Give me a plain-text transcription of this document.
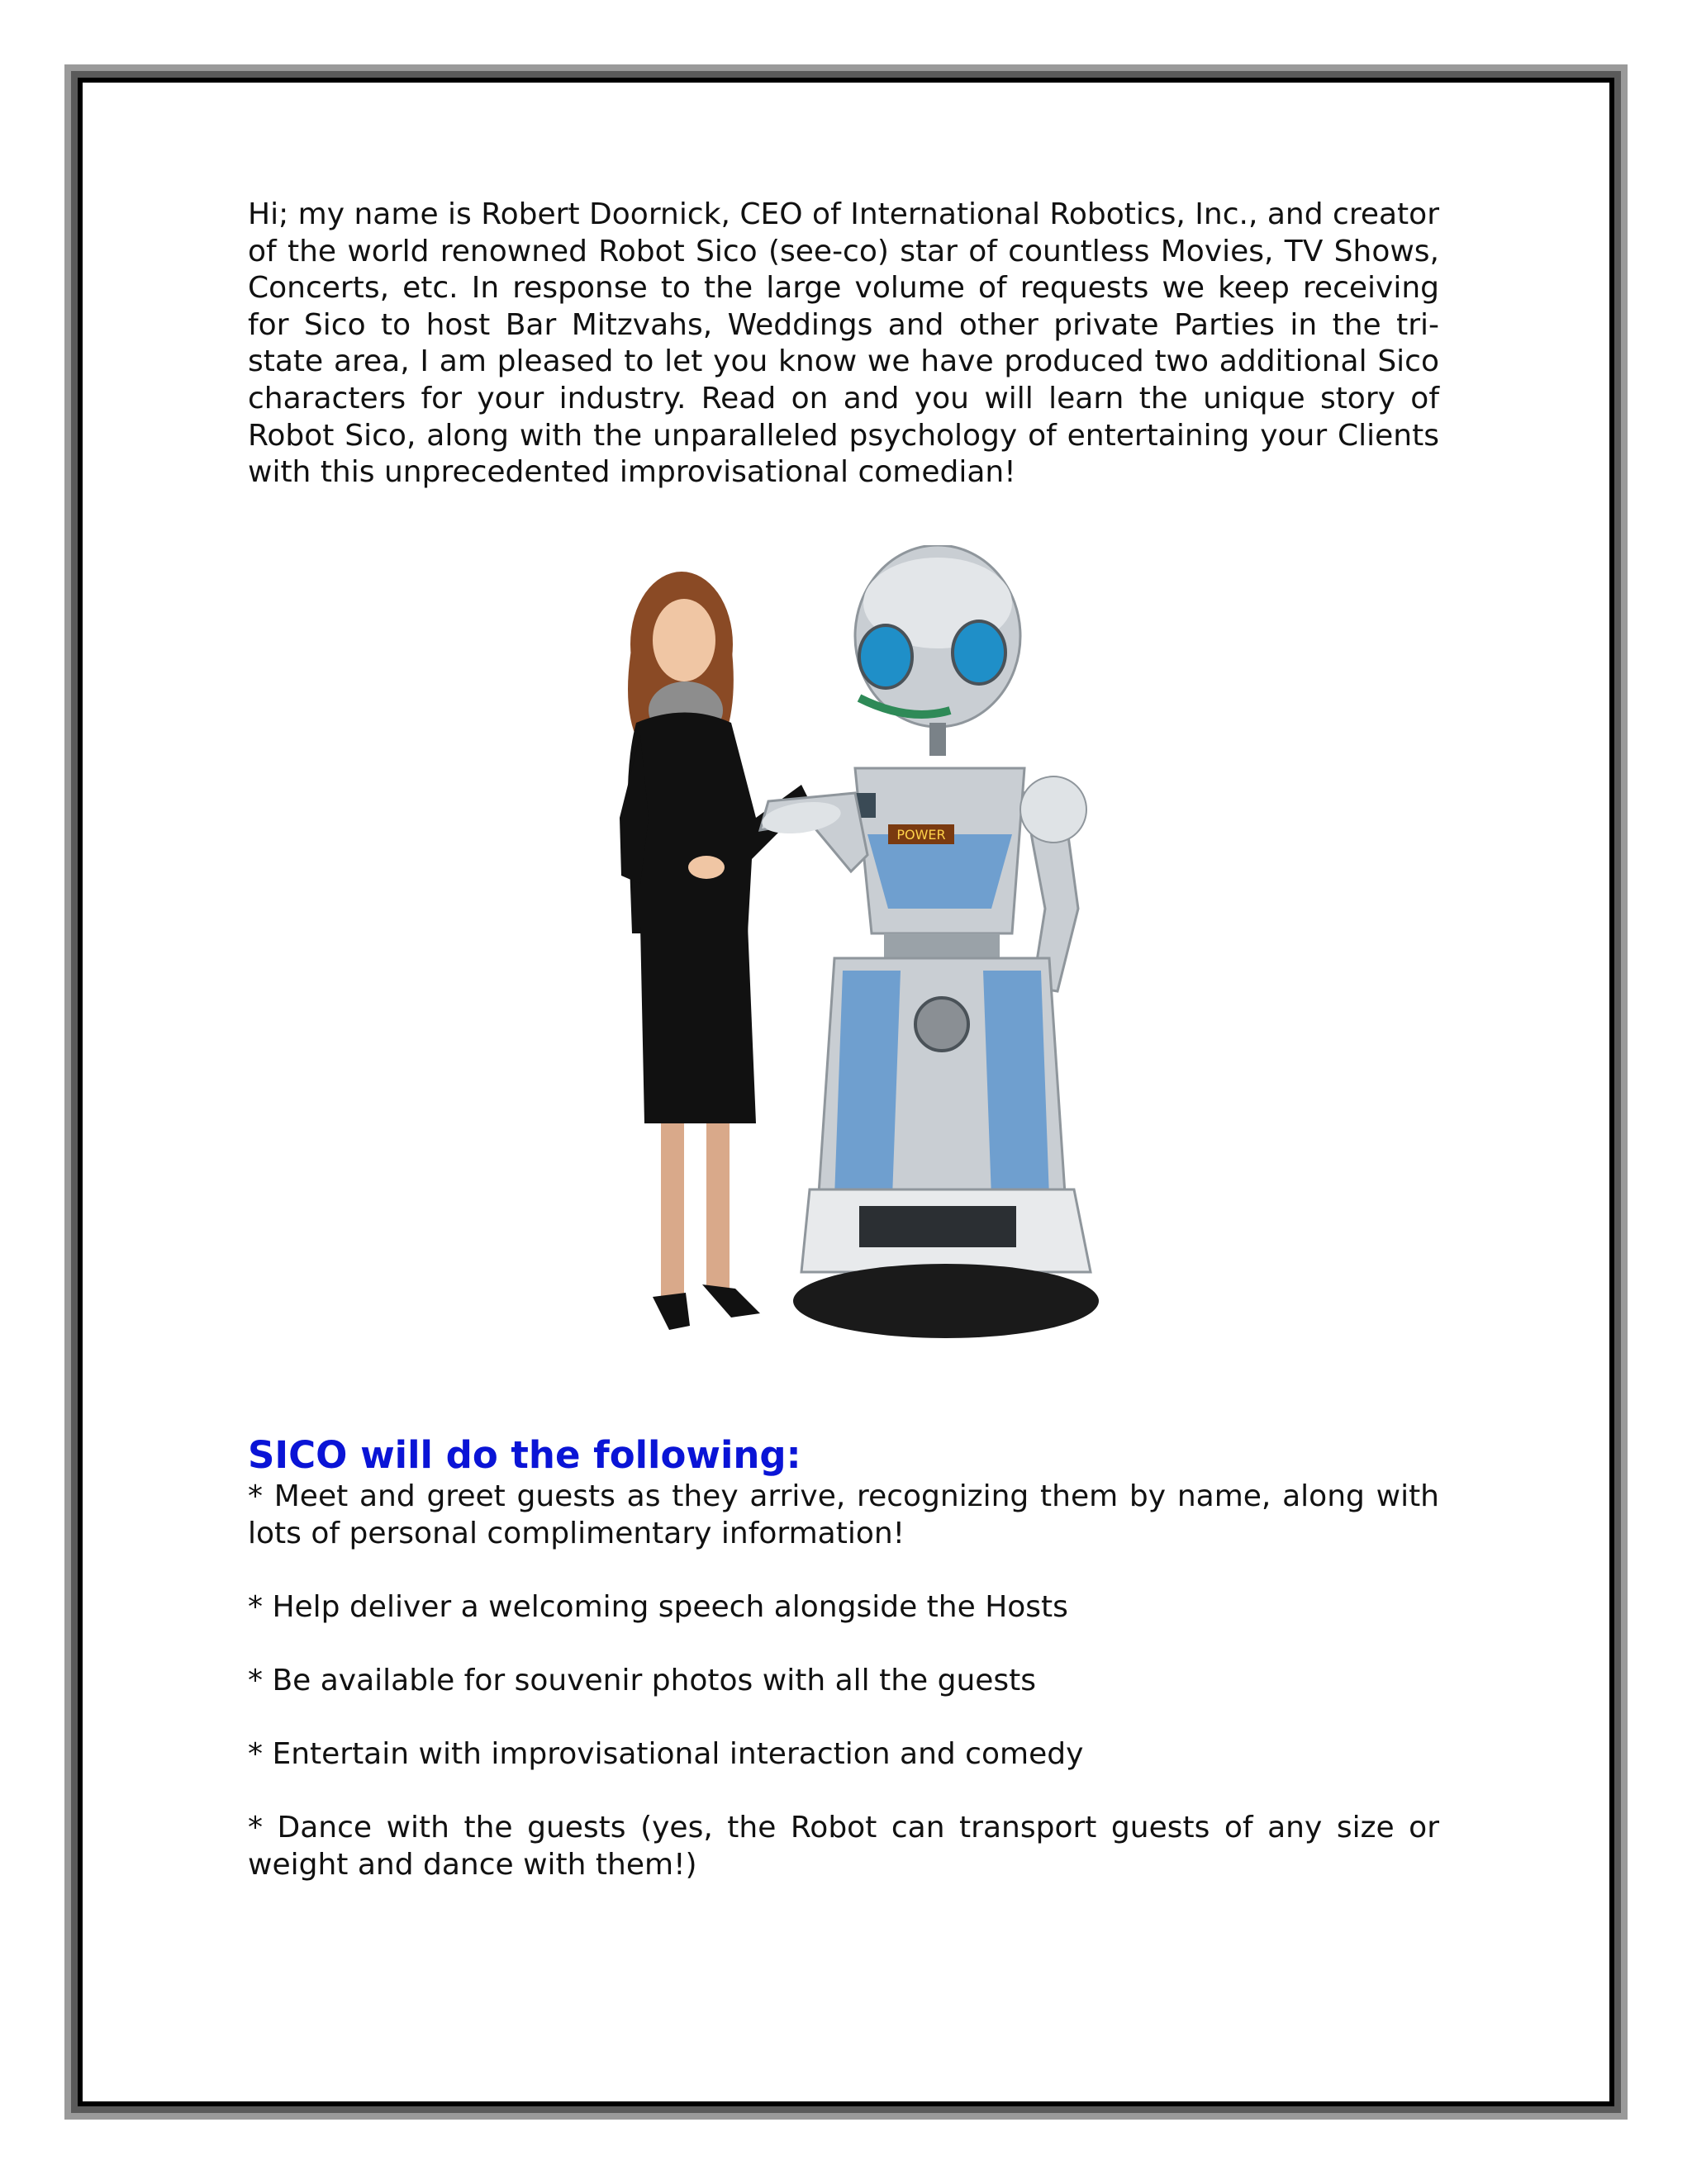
Hi; my name is Robert Doornick, CEO of International Robotics, Inc., and creator of the world renowned Robot Sico (see-co) star of countless Movies, TV Shows, Concerts, etc. In response to the large volume of requests we keep receiving for Sico to host Bar Mitzvahs, Weddings and other private Parties in the tri-state area, I am pleased to let you know we have produced two additional Sico characters for your industry. Read on and you will learn the unique story of Robot Sico, along with the unparalleled psychology of entertaining your Clients with this unprecedented improvisational comedian!

POWER
SICO will do the following:
* Meet and greet guests as they arrive, recognizing them by name, along with lots of personal complimentary information!
* Help deliver a welcoming speech alongside the Hosts
* Be available for souvenir photos with all the guests
* Entertain with improvisational interaction and comedy
* Dance with the guests (yes, the Robot can transport guests of any size or weight and dance with them!)
